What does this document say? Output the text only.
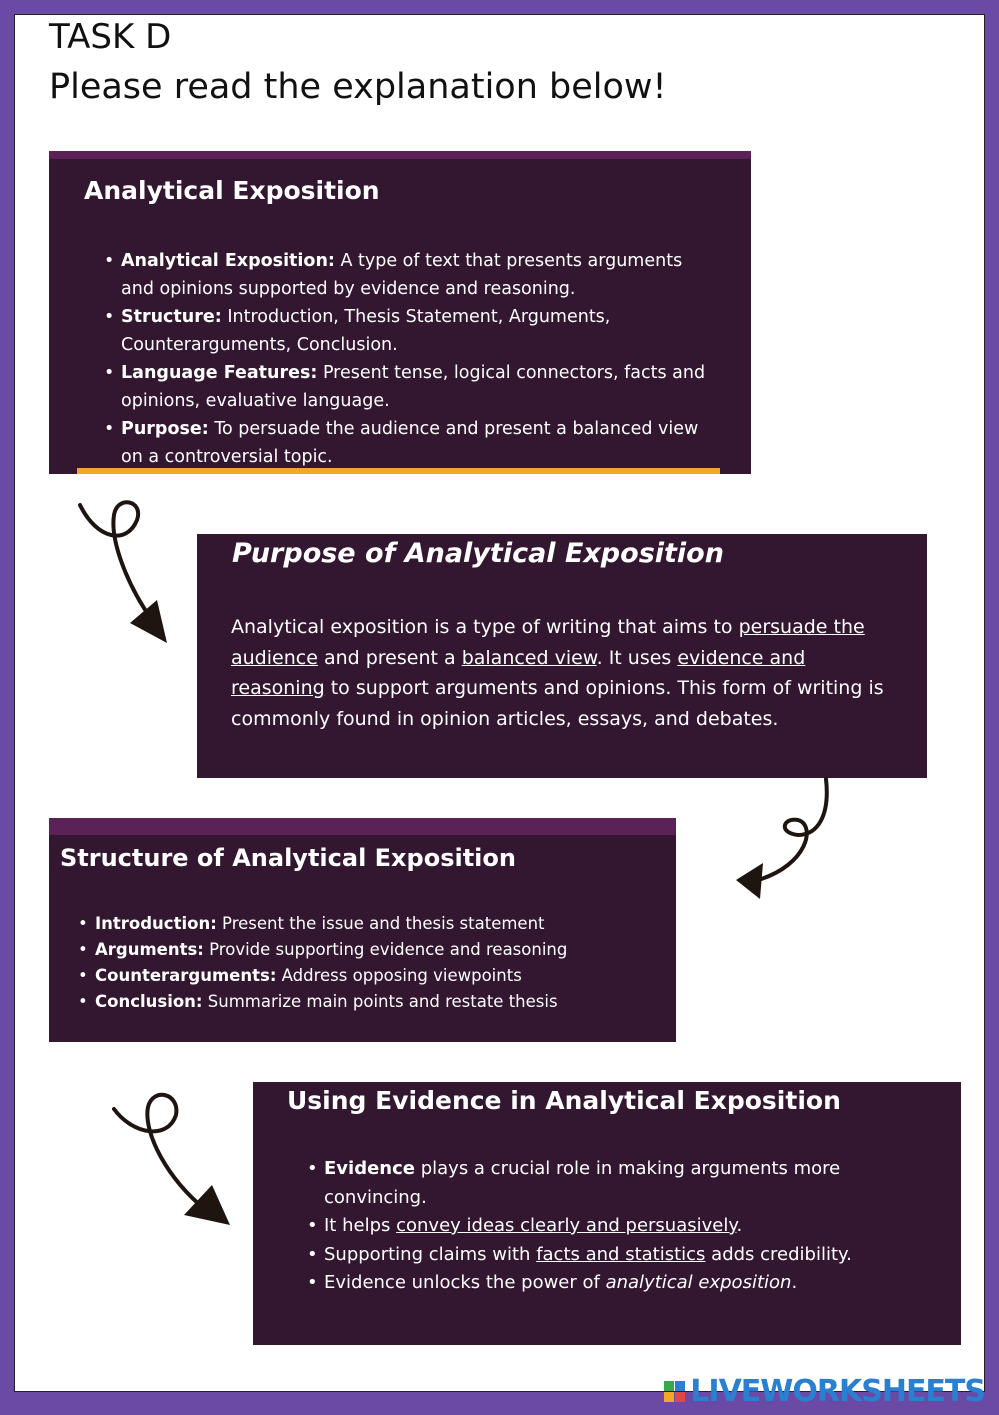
TASK D
Please read the explanation below!
Analytical Exposition
• Analytical Exposition: A type of text that presents arguments and opinions supported by evidence and reasoning.
• Structure: Introduction, Thesis Statement, Arguments, Counterarguments, Conclusion.
• Language Features: Present tense, logical connectors, facts and opinions, evaluative language.
• Purpose: To persuade the audience and present a balanced view on a controversial topic.
Purpose of Analytical Exposition

Analytical exposition is a type of writing that aims to persuade the audience and present a balanced view. It uses evidence and reasoning to support arguments and opinions. This form of writing is commonly found in opinion articles, essays, and debates.

Structure of Analytical Exposition
• Introduction: Present the issue and thesis statement
• Arguments: Provide supporting evidence and reasoning
• Counterarguments: Address opposing viewpoints
• Conclusion: Summarize main points and restate thesis
Using Evidence in Analytical Exposition
• Evidence plays a crucial role in making arguments more convincing.
• It helps convey ideas clearly and persuasively.
• Supporting claims with facts and statistics adds credibility.
• Evidence unlocks the power of analytical exposition.
LIVEWORKSHEETS
